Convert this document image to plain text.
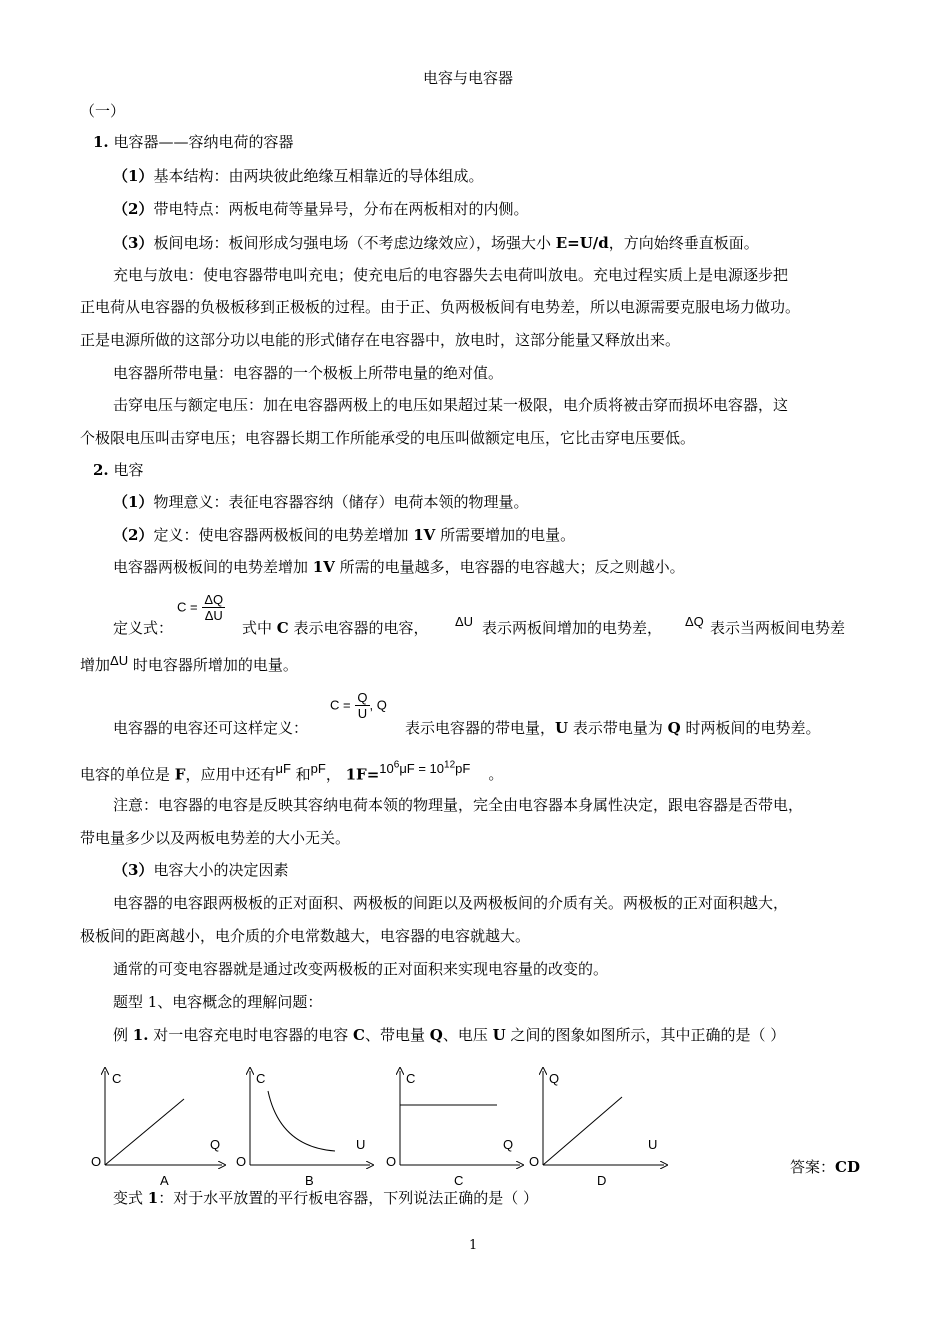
电容与电容器
（一）
1. 电容器——容纳电荷的容器
（1）基本结构：由两块彼此绝缘互相靠近的导体组成。
（2）带电特点：两板电荷等量异号，分布在两板相对的内侧。
（3）板间电场：板间形成匀强电场（不考虑边缘效应），场强大小 E=U/d，方向始终垂直板面。
充电与放电：使电容器带电叫充电；使充电后的电容器失去电荷叫放电。充电过程实质上是电源逐步把
正电荷从电容器的负极板移到正极板的过程。由于正、负两极板间有电势差，所以电源需要克服电场力做功。
正是电源所做的这部分功以电能的形式储存在电容器中，放电时，这部分能量又释放出来。
电容器所带电量：电容器的一个极板上所带电量的绝对值。
击穿电压与额定电压：加在电容器两极上的电压如果超过某一极限，电介质将被击穿而损坏电容器，这
个极限电压叫击穿电压；电容器长期工作所能承受的电压叫做额定电压，它比击穿电压要低。
2. 电容
（1）物理意义：表征电容器容纳（储存）电荷本领的物理量。
（2）定义：使电容器两极板间的电势差增加 1V 所需要增加的电量。
电容器两极板间的电势差增加 1V 所需的电量越多，电容器的电容越大；反之则越小。
$C = \frac{\Delta Q}{\Delta U}$
定义式：	式中 C 表示电容器的电容， ΔU 表示两板间增加的电势差， ΔQ 表示当两板间电势差
增加ΔU 时电容器所增加的电量。
$C = \frac{Q}{U}$ , Q
电容器的电容还可这样定义：	表示电容器的带电量，U 表示带电量为 Q 时两板间的电势差。
电容的单位是 F，应用中还有μF 和pF， $1F=10^6\mu F = 10^{12}pF$ 。
注意：电容器的电容是反映其容纳电荷本领的物理量，完全由电容器本身属性决定，跟电容器是否带电，
带电量多少以及两板电势差的大小无关。
（3）电容大小的决定因素
电容器的电容跟两极板的正对面积、两极板的间距以及两极板间的介质有关。两极板的正对面积越大，
极板间的距离越小，电介质的介电常数越大，电容器的电容就越大。
通常的可变电容器就是通过改变两极板的正对面积来实现电容量的改变的。
题型 1、电容概念的理解问题：
例 1. 对一电容充电时电容器的电容 C、带电量 Q、电压 U 之间的图象如图所示，其中正确的是（ ）
C
Q
O
A
C
U
O
B
C
Q
O
C
Q
U
O
D
答案：CD
变式 1：对于水平放置的平行板电容器，下列说法正确的是（ ）
1
